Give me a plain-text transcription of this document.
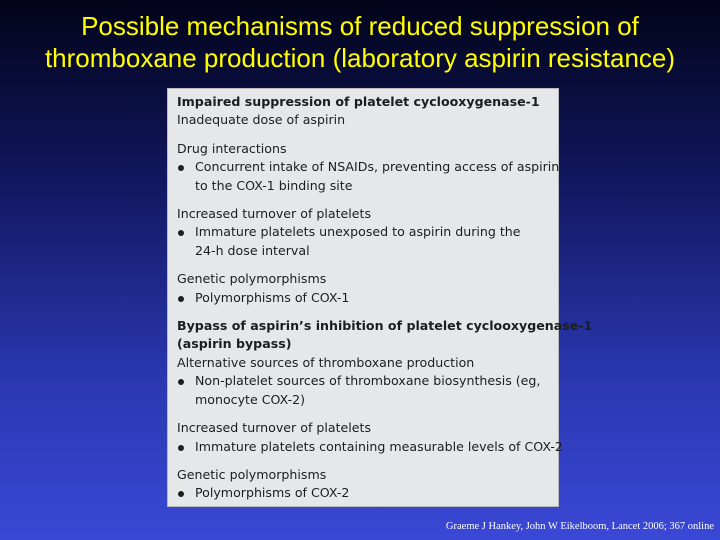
Possible mechanisms of reduced suppression of
thromboxane production (laboratory aspirin resistance)
Impaired suppression of platelet cyclooxygenase-1
Inadequate dose of aspirin
Drug interactions
Concurrent intake of NSAIDs, preventing access of aspirin
to the COX-1 binding site
Increased turnover of platelets
Immature platelets unexposed to aspirin during the
24-h dose interval
Genetic polymorphisms
Polymorphisms of COX-1
Bypass of aspirin’s inhibition of platelet cyclooxygenase-1
(aspirin bypass)
Alternative sources of thromboxane production
Non-platelet sources of thromboxane biosynthesis (eg,
monocyte COX-2)
Increased turnover of platelets
Immature platelets containing measurable levels of COX-2
Genetic polymorphisms
Polymorphisms of COX-2
Graeme J Hankey, John W Eikelboom, Lancet 2006; 367 online
